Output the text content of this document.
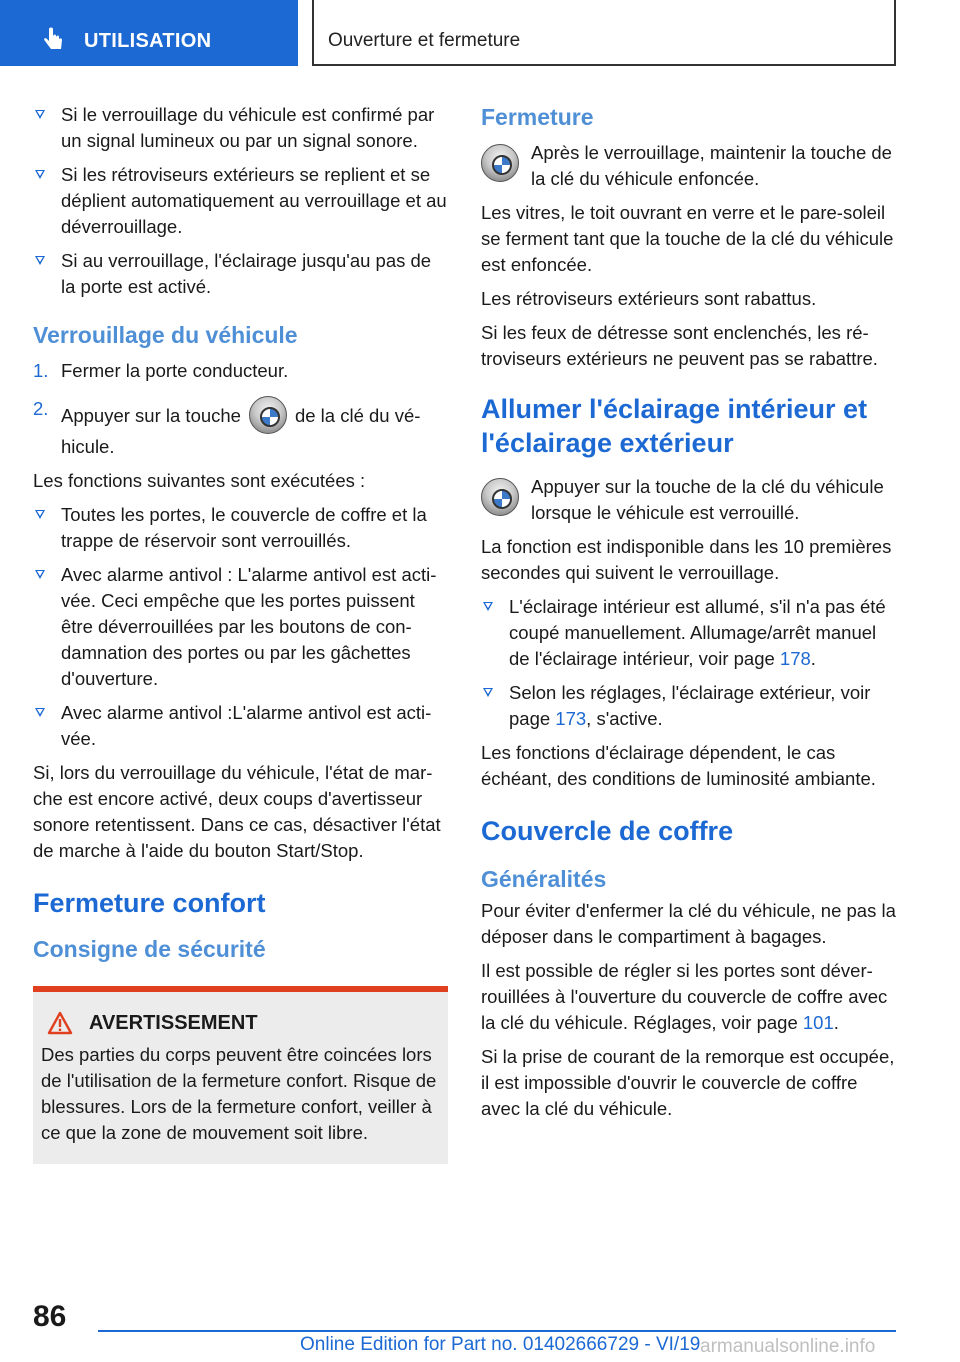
UTILISATION	Ouverture et fermeture
Si le verrouillage du véhicule est confirmé par un signal lumineux ou par un signal sonore.
Si les rétroviseurs extérieurs se replient et se déplient automatiquement au verrouillage et au déverrouillage.
Si au verrouillage, l'éclairage jusqu'au pas de la porte est activé.
Verrouillage du véhicule
1. Fermer la porte conducteur.
2. Appuyer sur la touche	de la clé du véhicule.
Les fonctions suivantes sont exécutées :
Toutes les portes, le couvercle de coffre et la trappe de réservoir sont verrouillés.
Avec alarme antivol : L'alarme antivol est activée. Ceci empêche que les portes puissent être déverrouillées par les boutons de condamnation des portes ou par les gâchettes d'ouverture.
Avec alarme antivol :L'alarme antivol est activée.
Si, lors du verrouillage du véhicule, l'état de marche est encore activé, deux coups d'avertisseur sonore retentissent. Dans ce cas, désactiver l'état de marche à l'aide du bouton Start/Stop.
Fermeture confort
Consigne de sécurité
AVERTISSEMENT
Des parties du corps peuvent être coincées lors de l'utilisation de la fermeture confort. Risque de blessures. Lors de la fermeture confort, veiller à ce que la zone de mouvement soit libre.
Fermeture
Après le verrouillage, maintenir la touche de la clé du véhicule enfoncée.
Les vitres, le toit ouvrant en verre et le pare-soleil se ferment tant que la touche de la clé du véhicule est enfoncée.
Les rétroviseurs extérieurs sont rabattus.
Si les feux de détresse sont enclenchés, les rétroviseurs extérieurs ne peuvent pas se rabattre.
Allumer l'éclairage intérieur et l'éclairage extérieur
Appuyer sur la touche de la clé du véhicule lorsque le véhicule est verrouillé.
La fonction est indisponible dans les 10 premières secondes qui suivent le verrouillage.
L'éclairage intérieur est allumé, s'il n'a pas été coupé manuellement. Allumage/arrêt manuel de l'éclairage intérieur, voir page 178.
Selon les réglages, l'éclairage extérieur, voir page 173, s'active.
Les fonctions d'éclairage dépendent, le cas échéant, des conditions de luminosité ambiante.
Couvercle de coffre
Généralités
Pour éviter d'enfermer la clé du véhicule, ne pas la déposer dans le compartiment à bagages.
Il est possible de régler si les portes sont déverrouillées à l'ouverture du couvercle de coffre avec la clé du véhicule. Réglages, voir page 101.
Si la prise de courant de la remorque est occupée, il est impossible d'ouvrir le couvercle de coffre avec la clé du véhicule.
86
Online Edition for Part no. 01402666729 - VI/19 armanualsonline.info
